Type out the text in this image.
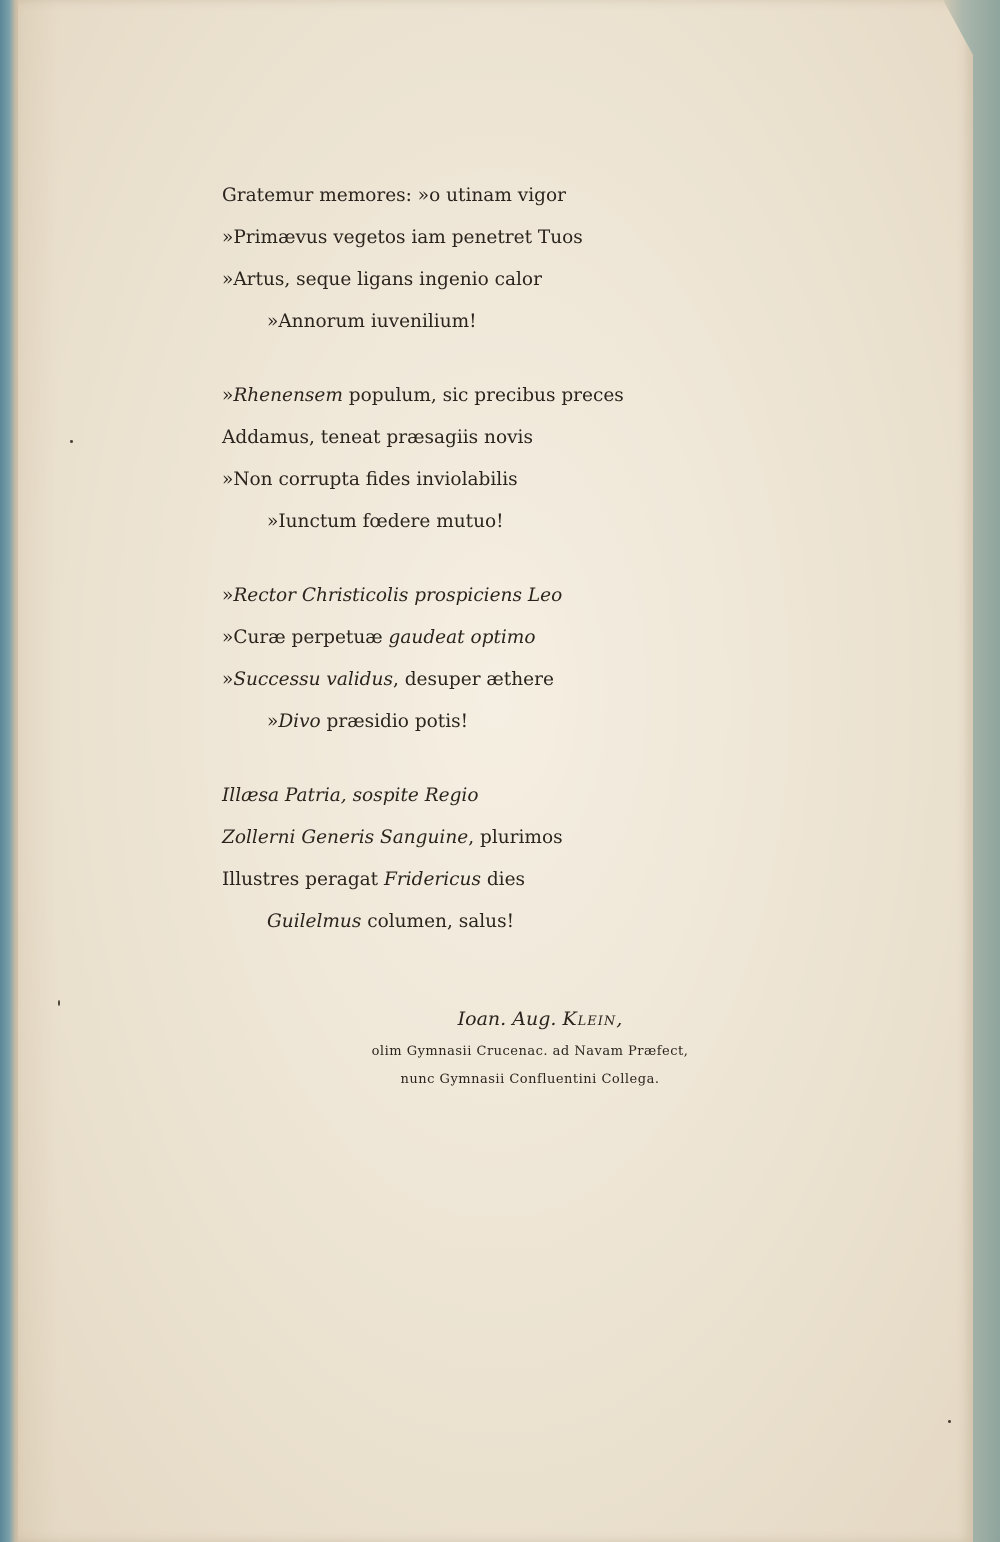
Gratemur memores: »o utinam vigor
»Primævus vegetos iam penetret Tuos
»Artus, seque ligans ingenio calor
»Annorum iuvenilium!
»Rhenensem populum, sic precibus preces
Addamus, teneat præsagiis novis
»Non corrupta fides inviolabilis
»Iunctum fœdere mutuo!
»Rector Christicolis prospiciens Leo
»Curæ perpetuæ gaudeat optimo
»Successu validus, desuper æthere
»Divo præsidio potis!
Illæsa Patria, sospite Regio
Zollerni Generis Sanguine, plurimos
Illustres peragat Fridericus dies
Guilelmus columen, salus!
Ioan. Aug. Klein,
olim Gymnasii Crucenac. ad Navam Præfect,
nunc Gymnasii Confluentini Collega.
